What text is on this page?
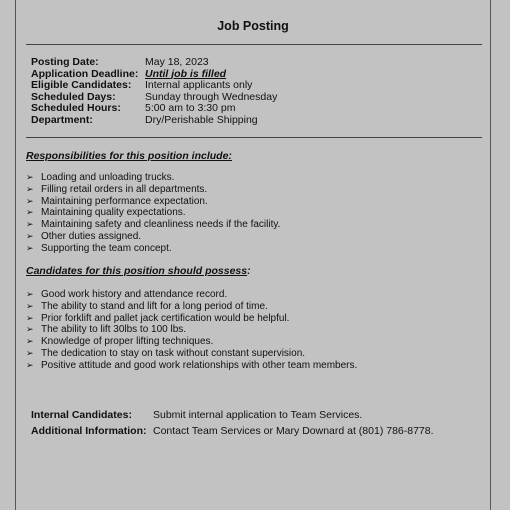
Job Posting
Posting Date:	May 18, 2023
Application Deadline: Until job is filled
Eligible Candidates:	Internal applicants only
Scheduled Days:	Sunday through Wednesday
Scheduled Hours:	5:00 am to 3:30 pm
Department:	Dry/Perishable Shipping
Responsibilities for this position include:
➢ Loading and unloading trucks.
➢ Filling retail orders in all departments.
➢ Maintaining performance expectation.
➢ Maintaining quality expectations.
➢ Maintaining safety and cleanliness needs if the facility.
➢ Other duties assigned.
➢ Supporting the team concept.
Candidates for this position should possess:
➢ Good work history and attendance record.
➢ The ability to stand and lift for a long period of time.
➢ Prior forklift and pallet jack certification would be helpful.
➢ The ability to lift 30lbs to 100 lbs.
➢ Knowledge of proper lifting techniques.
➢ The dedication to stay on task without constant supervision.
➢ Positive attitude and good work relationships with other team members.
Internal Candidates:	Submit internal application to Team Services.
Additional Information: Contact Team Services or Mary Downard at (801) 786-8778.
